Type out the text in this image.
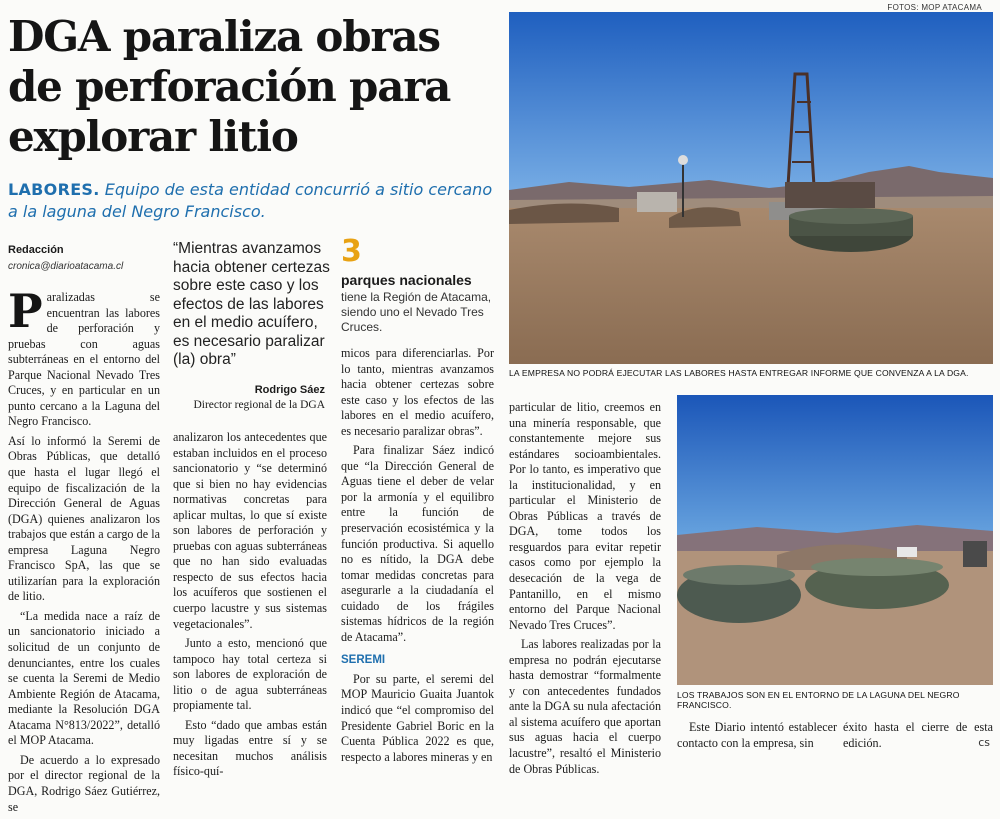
FOTOS: MOP ATACAMA
DGA paraliza obras
de perforación para
explorar litio
LABORES. Equipo de esta entidad concurrió a sitio cercano a la laguna del Negro Francisco.
Redacción
cronica@diarioatacama.cl

Paralizadas se encuentran las labores de perforación y pruebas con aguas subterráneas en el entorno del Parque Nacional Nevado Tres Cruces, y en particular en un punto cercano a la Laguna del Negro Francisco.

Así lo informó la Seremi de Obras Públicas, que detalló que hasta el lugar llegó el equipo de fiscalización de la Dirección General de Aguas (DGA) quienes analizaron los trabajos que están a cargo de la empresa Laguna Negro Francisco SpA, las que se utilizarían para la exploración de litio.

“La medida nace a raíz de un sancionatorio iniciado a solicitud de un conjunto de denunciantes, entre los cuales se cuenta la Seremi de Medio Ambiente Región de Atacama, mediante la Resolución DGA Atacama N°813/2022”, detalló el MOP Atacama.

De acuerdo a lo expresado por el director regional de la DGA, Rodrigo Sáez Gutiérrez, se

“Mientras avanzamos hacia obtener certezas sobre este caso y los efectos de las labores en el medio acuífero, es necesario paralizar (la) obra”
Rodrigo Sáez
Director regional de la DGA

analizaron los antecedentes que estaban incluidos en el proceso sancionatorio y “se determinó que si bien no hay evidencias normativas concretas para aplicar multas, lo que sí existe son labores de perforación y pruebas con aguas subterráneas que no han sido evaluadas respecto de sus efectos hacia los acuíferos que sostienen el cuerpo lacustre y sus sistemas vegetacionales”.

Junto a esto, mencionó que tampoco hay total certeza si son labores de exploración de litio o de agua subterráneas propiamente tal.

Esto “dado que ambas están muy ligadas entre sí y se necesitan muchos análisis físico-quí-

3
parques nacionales
tiene la Región de Atacama, siendo uno el Nevado Tres Cruces.

micos para diferenciarlas. Por lo tanto, mientras avanzamos hacia obtener certezas sobre este caso y los efectos de las labores en el medio acuífero, es necesario paralizar obras”.

Para finalizar Sáez indicó que “la Dirección General de Aguas tiene el deber de velar por la armonía y el equilibro entre la función de preservación ecosistémica y la función productiva. Si aquello no es nítido, la DGA debe tomar medidas concretas para asegurarle a la ciudadanía el cuidado de los frágiles sistemas hídricos de la región de Atacama”.

SEREMI

Por su parte, el seremi del MOP Mauricio Guaita Juantok indicó que “el compromiso del Presidente Gabriel Boric en la Cuenta Pública 2022 es que, respecto a labores mineras y en

particular de litio, creemos en una minería responsable, que constantemente mejore sus estándares socioambientales. Por lo tanto, es imperativo que la institucionalidad, y en particular el Ministerio de Obras Públicas a través de DGA, tome todos los resguardos para evitar repetir casos como por ejemplo la desecación de la vega de Pantanillo, en el mismo entorno del Parque Nacional Nevado Tres Cruces”.

Las labores realizadas por la empresa no podrán ejecutarse hasta demostrar “formalmente y con antecedentes fundados ante la DGA su nula afectación al sistema acuífero que aportan sus aguas hacia el cuerpo lacustre”, resaltó el Ministerio de Obras Públicas.

Este Diario intentó establecer contacto con la empresa, sin

éxito hasta el cierre de esta edición.

LA EMPRESA NO PODRÁ EJECUTAR LAS LABORES HASTA ENTREGAR INFORME QUE CONVENZA A LA DGA.
LOS TRABAJOS SON EN EL ENTORNO DE LA LAGUNA DEL NEGRO FRANCISCO.
cs
